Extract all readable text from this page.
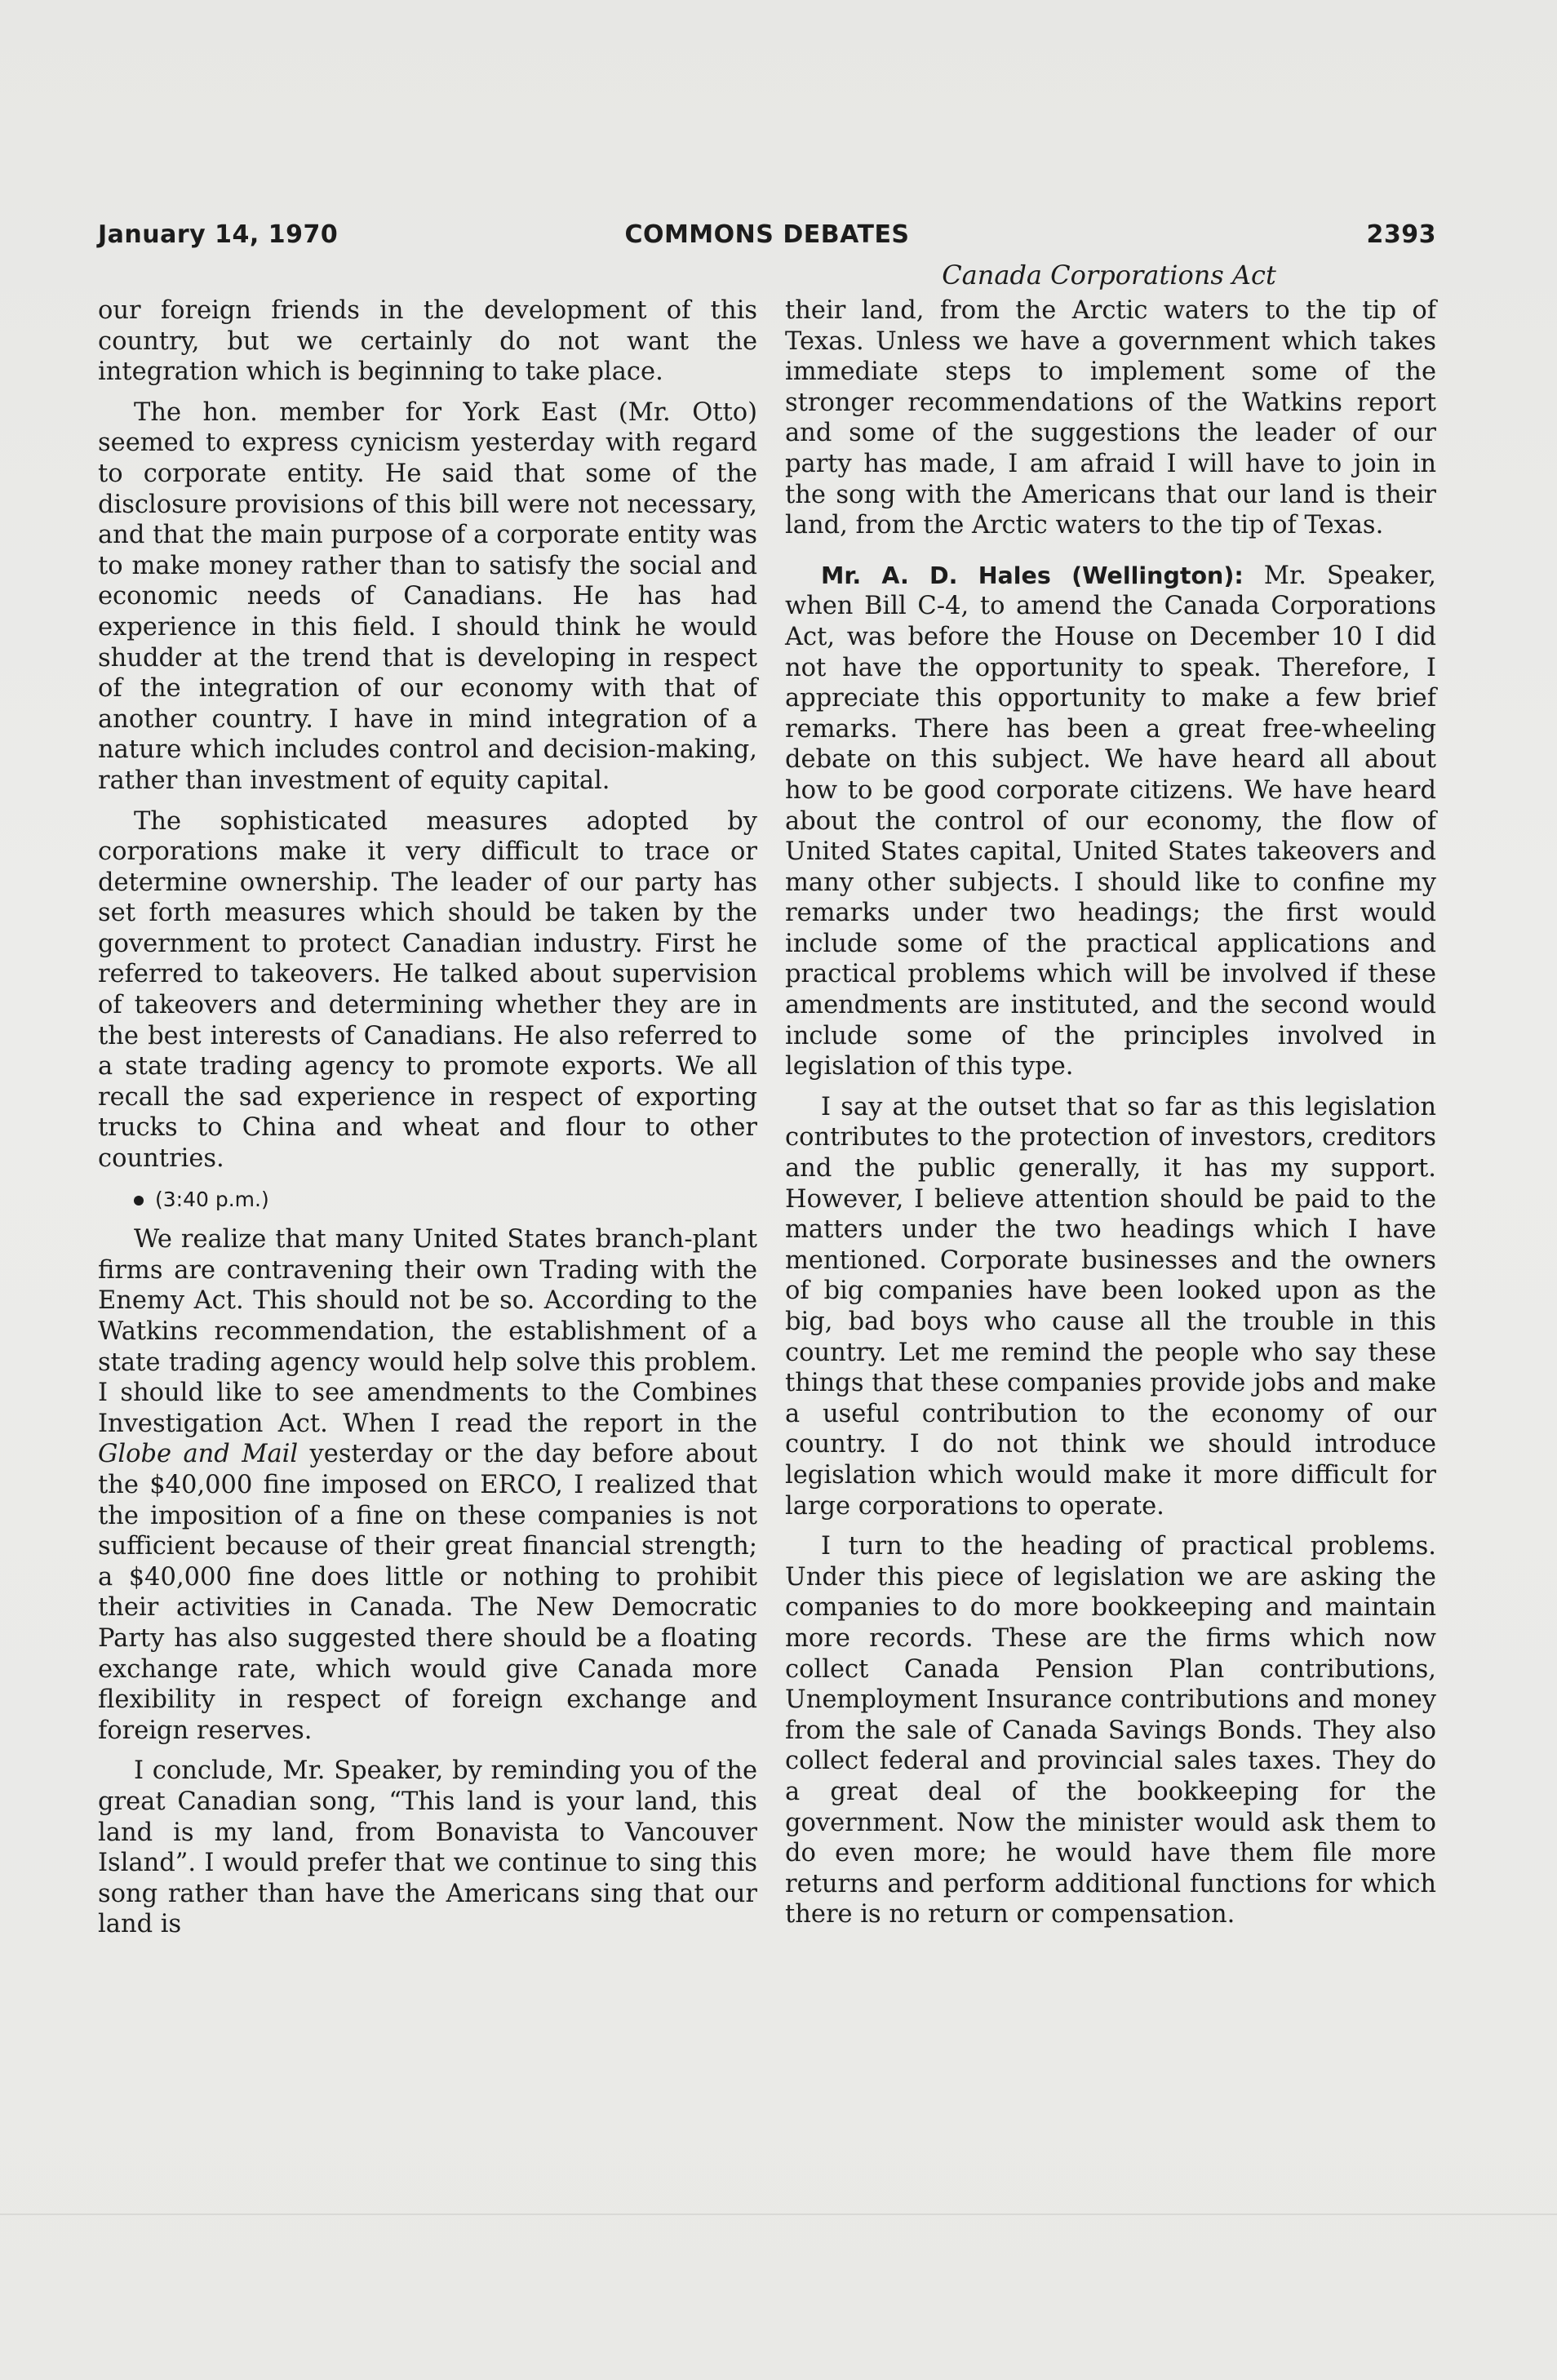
January 14, 1970	COMMONS DEBATES	2393
Canada Corporations Act

our foreign friends in the development of this country, but we certainly do not want the integration which is beginning to take place.

The hon. member for York East (Mr. Otto) seemed to express cynicism yesterday with regard to corporate entity. He said that some of the disclosure provisions of this bill were not necessary, and that the main purpose of a corporate entity was to make money rather than to satisfy the social and economic needs of Canadians. He has had experience in this field. I should think he would shudder at the trend that is developing in respect of the integration of our economy with that of another country. I have in mind integration of a nature which includes control and decision-making, rather than investment of equity capital.

The sophisticated measures adopted by corporations make it very difficult to trace or determine ownership. The leader of our party has set forth measures which should be taken by the government to protect Canadian industry. First he referred to takeovers. He talked about supervision of takeovers and determining whether they are in the best interests of Canadians. He also referred to a state trading agency to promote exports. We all recall the sad experience in respect of exporting trucks to China and wheat and flour to other countries.

(3:40 p.m.)

We realize that many United States branch-plant firms are contravening their own Trading with the Enemy Act. This should not be so. According to the Watkins recommendation, the establishment of a state trading agency would help solve this problem. I should like to see amendments to the Combines Investigation Act. When I read the report in the Globe and Mail yesterday or the day before about the $40,000 fine imposed on ERCO, I realized that the imposition of a fine on these companies is not sufficient because of their great financial strength; a $40,000 fine does little or nothing to prohibit their activities in Canada. The New Democratic Party has also suggested there should be a floating exchange rate, which would give Canada more flexibility in respect of foreign exchange and foreign reserves.

I conclude, Mr. Speaker, by reminding you of the great Canadian song, “This land is your land, this land is my land, from Bonavista to Vancouver Island”. I would prefer that we continue to sing this song rather than have the Americans sing that our land is

their land, from the Arctic waters to the tip of Texas. Unless we have a government which takes immediate steps to implement some of the stronger recommendations of the Watkins report and some of the suggestions the leader of our party has made, I am afraid I will have to join in the song with the Americans that our land is their land, from the Arctic waters to the tip of Texas.

Mr. A. D. Hales (Wellington): Mr. Speaker, when Bill C-4, to amend the Canada Corporations Act, was before the House on December 10 I did not have the opportunity to speak. Therefore, I appreciate this opportunity to make a few brief remarks. There has been a great free-wheeling debate on this subject. We have heard all about how to be good corporate citizens. We have heard about the control of our economy, the flow of United States capital, United States takeovers and many other subjects. I should like to confine my remarks under two headings; the first would include some of the practical applications and practical problems which will be involved if these amendments are instituted, and the second would include some of the principles involved in legislation of this type.

I say at the outset that so far as this legislation contributes to the protection of investors, creditors and the public generally, it has my support. However, I believe attention should be paid to the matters under the two headings which I have mentioned. Corporate businesses and the owners of big companies have been looked upon as the big, bad boys who cause all the trouble in this country. Let me remind the people who say these things that these companies provide jobs and make a useful contribution to the economy of our country. I do not think we should introduce legislation which would make it more difficult for large corporations to operate.

I turn to the heading of practical problems. Under this piece of legislation we are asking the companies to do more bookkeeping and maintain more records. These are the firms which now collect Canada Pension Plan contributions, Unemployment Insurance contributions and money from the sale of Canada Savings Bonds. They also collect federal and provincial sales taxes. They do a great deal of the bookkeeping for the government. Now the minister would ask them to do even more; he would have them file more returns and perform additional functions for which there is no return or compensation.
